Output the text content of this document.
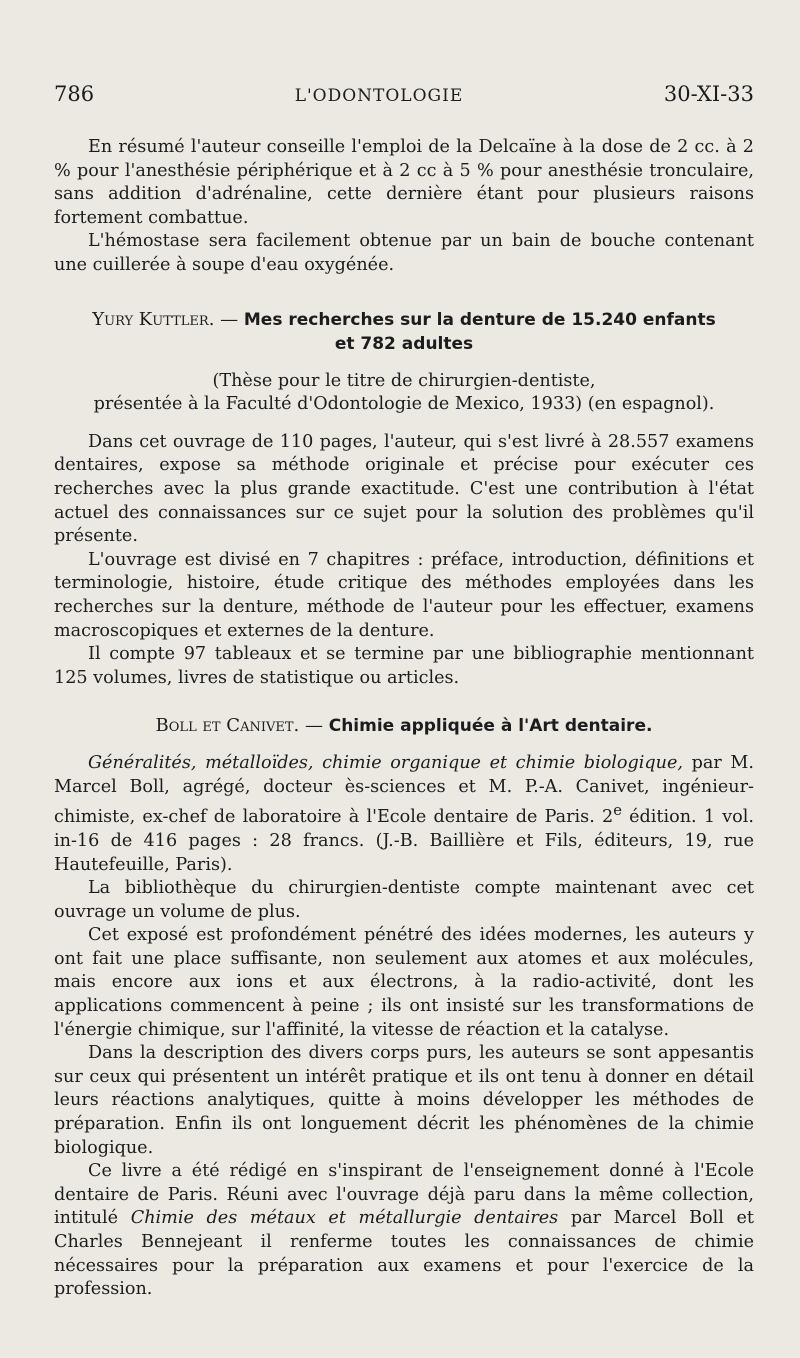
786	L'ODONTOLOGIE	30-XI-33

En résumé l'auteur conseille l'emploi de la Delcaïne à la dose de 2 cc. à 2 % pour l'anesthésie périphérique et à 2 cc à 5 % pour anesthésie tronculaire, sans addition d'adrénaline, cette dernière étant pour plusieurs raisons fortement combattue.

L'hémostase sera facilement obtenue par un bain de bouche contenant une cuillerée à soupe d'eau oxygénée.

Yury Kuttler. — Mes recherches sur la denture de 15.240 enfants
et 782 adultes

(Thèse pour le titre de chirurgien-dentiste,

présentée à la Faculté d'Odontologie de Mexico, 1933) (en espagnol).

Dans cet ouvrage de 110 pages, l'auteur, qui s'est livré à 28.557 examens dentaires, expose sa méthode originale et précise pour exécuter ces recherches avec la plus grande exactitude. C'est une contribution à l'état actuel des connaissances sur ce sujet pour la solution des problèmes qu'il présente.

L'ouvrage est divisé en 7 chapitres : préface, introduction, définitions et terminologie, histoire, étude critique des méthodes employées dans les recherches sur la denture, méthode de l'auteur pour les effectuer, examens macroscopiques et externes de la denture.

Il compte 97 tableaux et se termine par une bibliographie mentionnant 125 volumes, livres de statistique ou articles.

Boll et Canivet. — Chimie appliquée à l'Art dentaire.

Généralités, métalloïdes, chimie organique et chimie biologique, par M. Marcel Boll, agrégé, docteur ès-sciences et M. P.-A. Canivet, ingénieur-chimiste, ex-chef de laboratoire à l'Ecole dentaire de Paris. 2e édition. 1 vol. in-16 de 416 pages : 28 francs. (J.-B. Baillière et Fils, éditeurs, 19, rue Hautefeuille, Paris).

La bibliothèque du chirurgien-dentiste compte maintenant avec cet ouvrage un volume de plus.

Cet exposé est profondément pénétré des idées modernes, les auteurs y ont fait une place suffisante, non seulement aux atomes et aux molécules, mais encore aux ions et aux électrons, à la radio-activité, dont les applications commencent à peine ; ils ont insisté sur les transformations de l'énergie chimique, sur l'affinité, la vitesse de réaction et la catalyse.

Dans la description des divers corps purs, les auteurs se sont appesantis sur ceux qui présentent un intérêt pratique et ils ont tenu à donner en détail leurs réactions analytiques, quitte à moins développer les méthodes de préparation. Enfin ils ont longuement décrit les phénomènes de la chimie biologique.

Ce livre a été rédigé en s'inspirant de l'enseignement donné à l'Ecole dentaire de Paris. Réuni avec l'ouvrage déjà paru dans la même collection, intitulé Chimie des métaux et métallurgie dentaires par Marcel Boll et Charles Bennejeant il renferme toutes les connaissances de chimie nécessaires pour la préparation aux examens et pour l'exercice de la profession.
